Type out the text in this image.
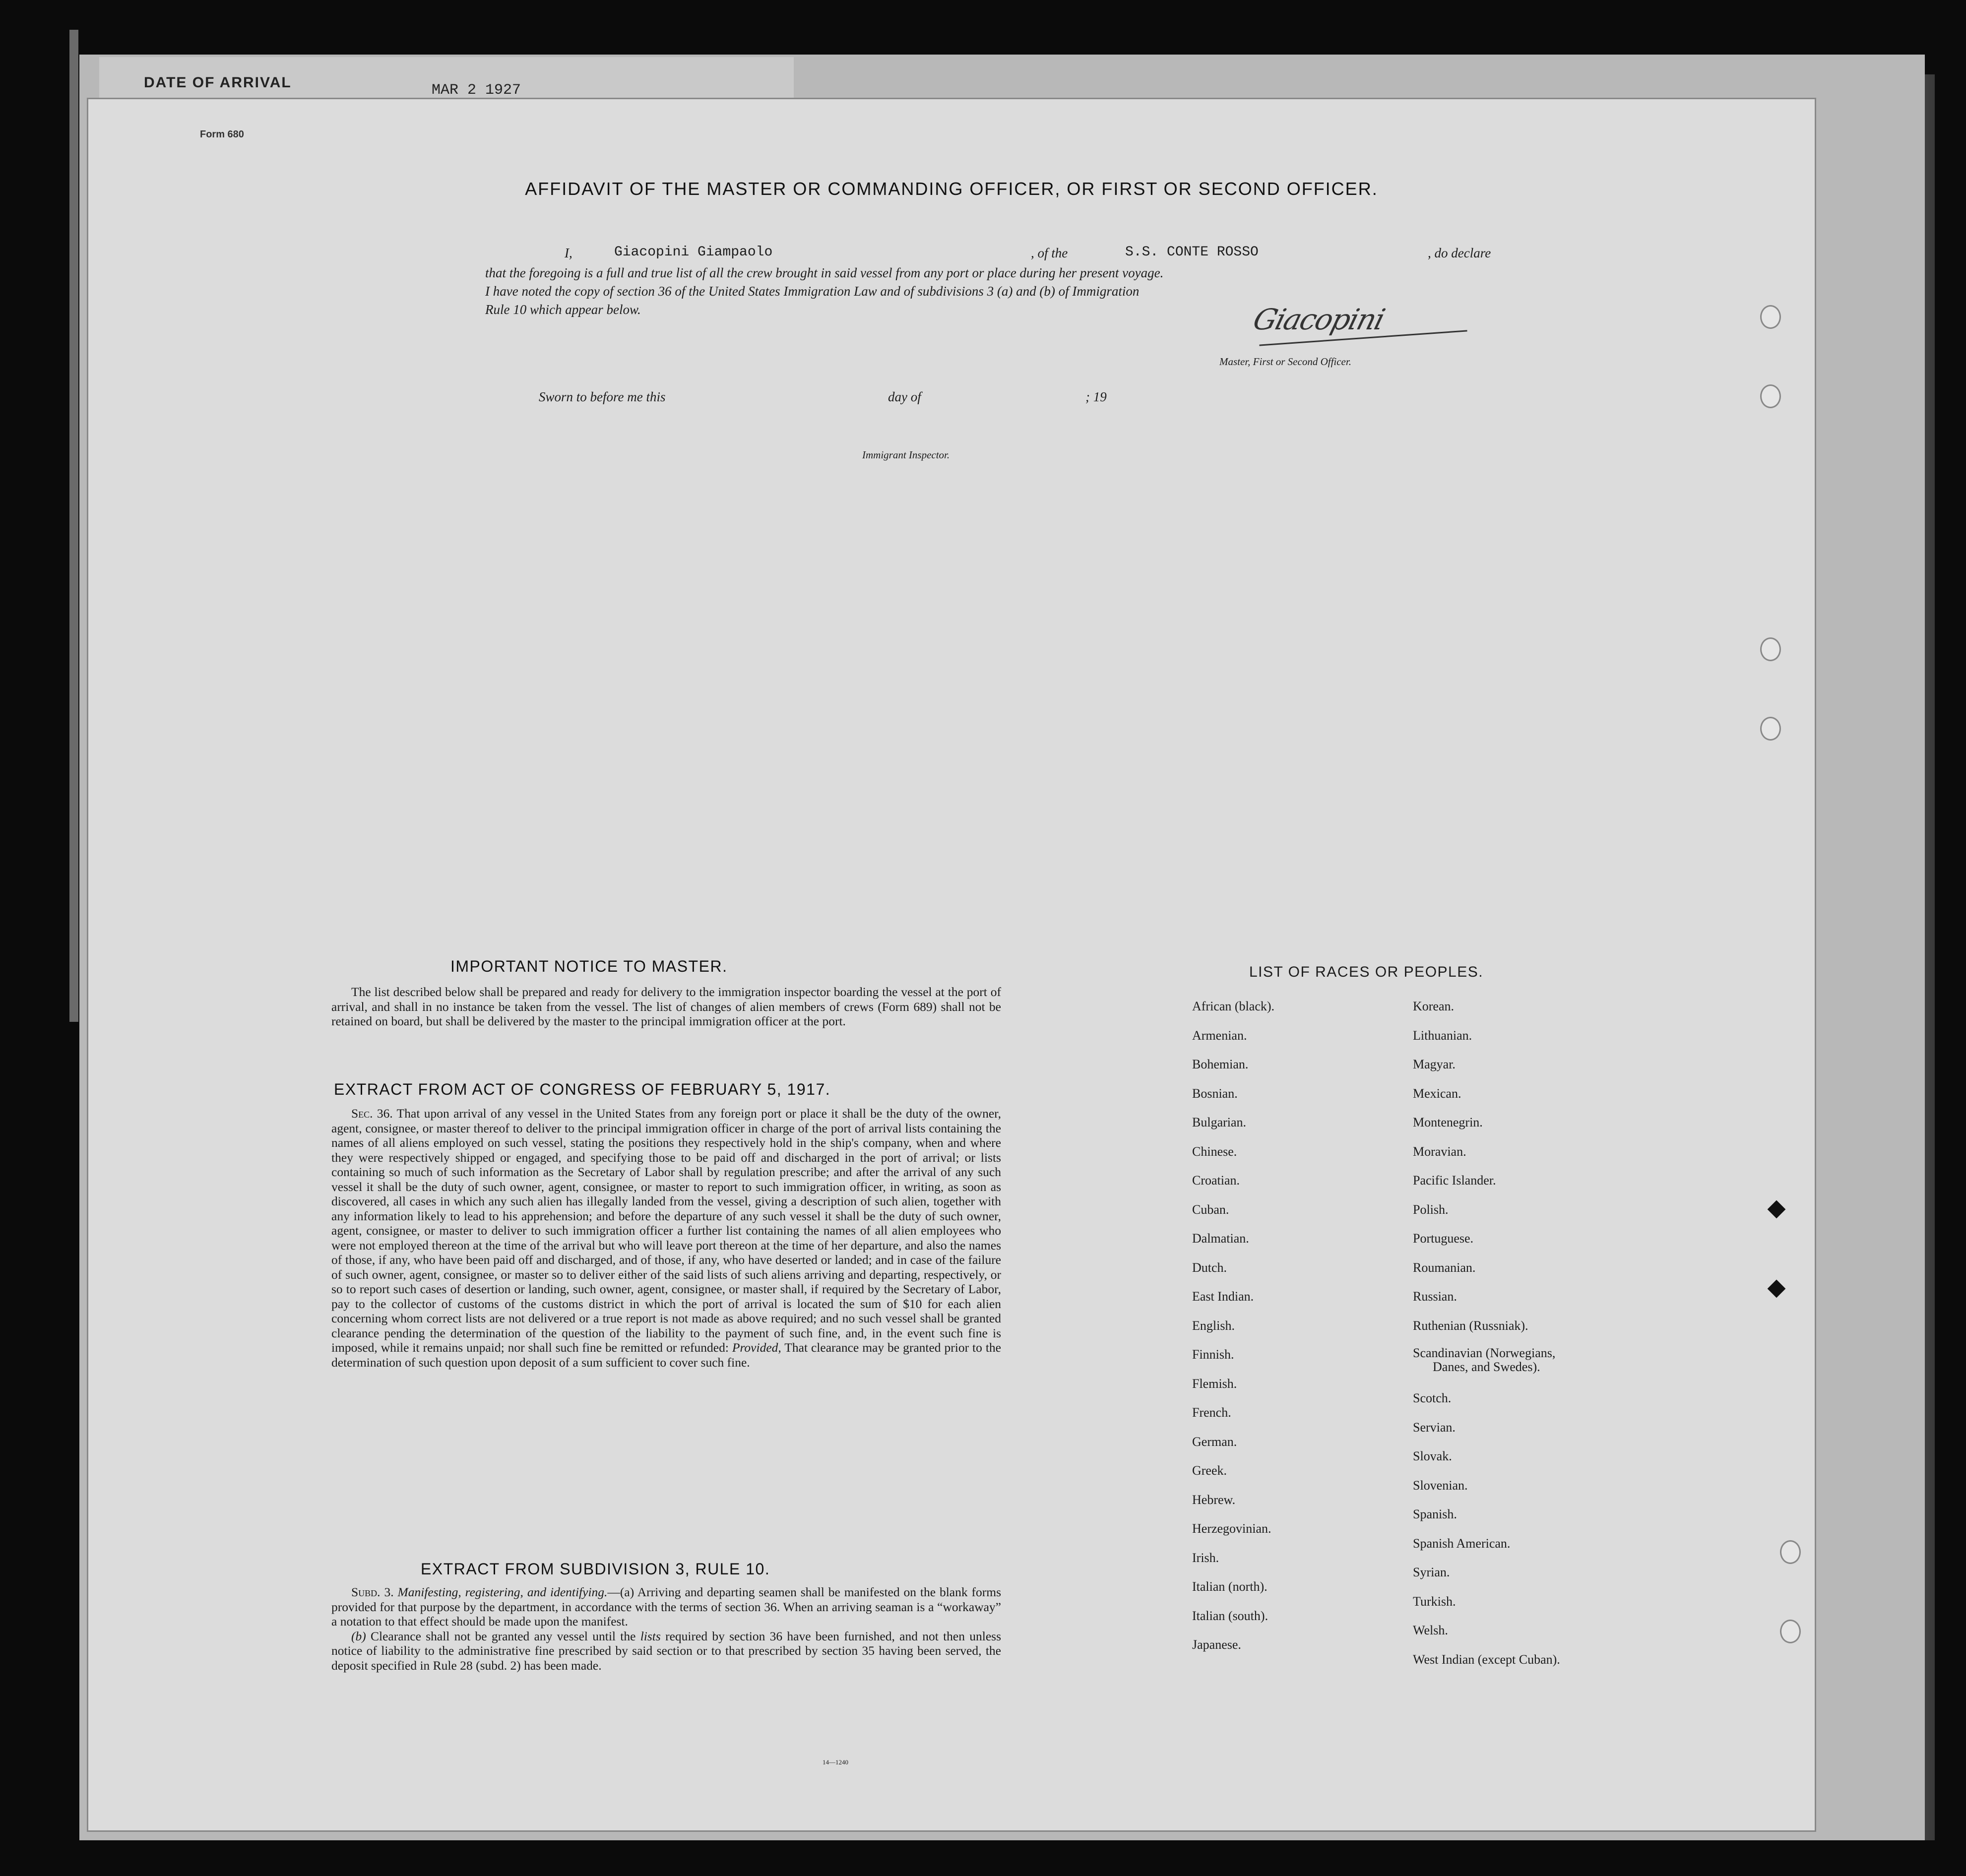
DATE OF ARRIVAL	MAR 2 1927
Form 680
AFFIDAVIT OF THE MASTER OR COMMANDING OFFICER, OR FIRST OR SECOND OFFICER.
I,	Giacopini Giampaolo	, of the	S.S. CONTE ROSSO	, do declare
that the foregoing is a full and true list of all the crew brought in said vessel from any port or place during her present voyage.
I have noted the copy of section 36 of the United States Immigration Law and of subdivisions 3 (a) and (b) of Immigration
Rule 10 which appear below.	Giacopini
Master, First or Second Officer.
Sworn to before me this	day of	; 19
Immigrant Inspector.
IMPORTANT NOTICE TO MASTER.

The list described below shall be prepared and ready for delivery to the immigration inspector boarding the vessel at the port of arrival, and shall in no instance be taken from the vessel. The list of changes of alien members of crews (Form 689) shall not be retained on board, but shall be delivered by the master to the principal immigration officer at the port.

EXTRACT FROM ACT OF CONGRESS OF FEBRUARY 5, 1917.

Sec. 36. That upon arrival of any vessel in the United States from any foreign port or place it shall be the duty of the owner, agent, consignee, or master thereof to deliver to the principal immigration officer in charge of the port of arrival lists containing the names of all aliens employed on such vessel, stating the positions they respectively hold in the ship's company, when and where they were respectively shipped or engaged, and specifying those to be paid off and discharged in the port of arrival; or lists containing so much of such information as the Secretary of Labor shall by regulation prescribe; and after the arrival of any such vessel it shall be the duty of such owner, agent, consignee, or master to report to such immigration officer, in writing, as soon as discovered, all cases in which any such alien has illegally landed from the vessel, giving a description of such alien, together with any information likely to lead to his apprehension; and before the departure of any such vessel it shall be the duty of such owner, agent, consignee, or master to deliver to such immigration officer a further list containing the names of all alien employees who were not employed thereon at the time of the arrival but who will leave port thereon at the time of her departure, and also the names of those, if any, who have been paid off and discharged, and of those, if any, who have deserted or landed; and in case of the failure of such owner, agent, consignee, or master so to deliver either of the said lists of such aliens arriving and departing, respectively, or so to report such cases of desertion or landing, such owner, agent, consignee, or master shall, if required by the Secretary of Labor, pay to the collector of customs of the customs district in which the port of arrival is located the sum of $10 for each alien concerning whom correct lists are not delivered or a true report is not made as above required; and no such vessel shall be granted clearance pending the determination of the question of the liability to the payment of such fine, and, in the event such fine is imposed, while it remains unpaid; nor shall such fine be remitted or refunded: Provided, That clearance may be granted prior to the determination of such question upon deposit of a sum sufficient to cover such fine.

EXTRACT FROM SUBDIVISION 3, RULE 10.

Subd. 3. Manifesting, registering, and identifying.—(a) Arriving and departing seamen shall be manifested on the blank forms provided for that purpose by the department, in accordance with the terms of section 36. When an arriving seaman is a “workaway” a notation to that effect should be made upon the manifest.

(b) Clearance shall not be granted any vessel until the lists required by section 36 have been furnished, and not then unless notice of liability to the administrative fine prescribed by said section or to that prescribed by section 35 having been served, the deposit specified in Rule 28 (subd. 2) has been made.

14—1240
LIST OF RACES OR PEOPLES.
African (black).
Armenian.
Bohemian.
Bosnian.
Bulgarian.
Chinese.
Croatian.
Cuban.
Dalmatian.
Dutch.
East Indian.
English.
Finnish.
Flemish.
French.
German.
Greek.
Hebrew.
Herzegovinian.
Irish.
Italian (north).
Italian (south).
Japanese.
Korean.
Lithuanian.
Magyar.
Mexican.
Montenegrin.
Moravian.
Pacific Islander.
Polish.
Portuguese.
Roumanian.
Russian.
Ruthenian (Russniak).
Scandinavian (Norwegians,
Danes, and Swedes).
Scotch.
Servian.
Slovak.
Slovenian.
Spanish.
Spanish American.
Syrian.
Turkish.
Welsh.
West Indian (except Cuban).
